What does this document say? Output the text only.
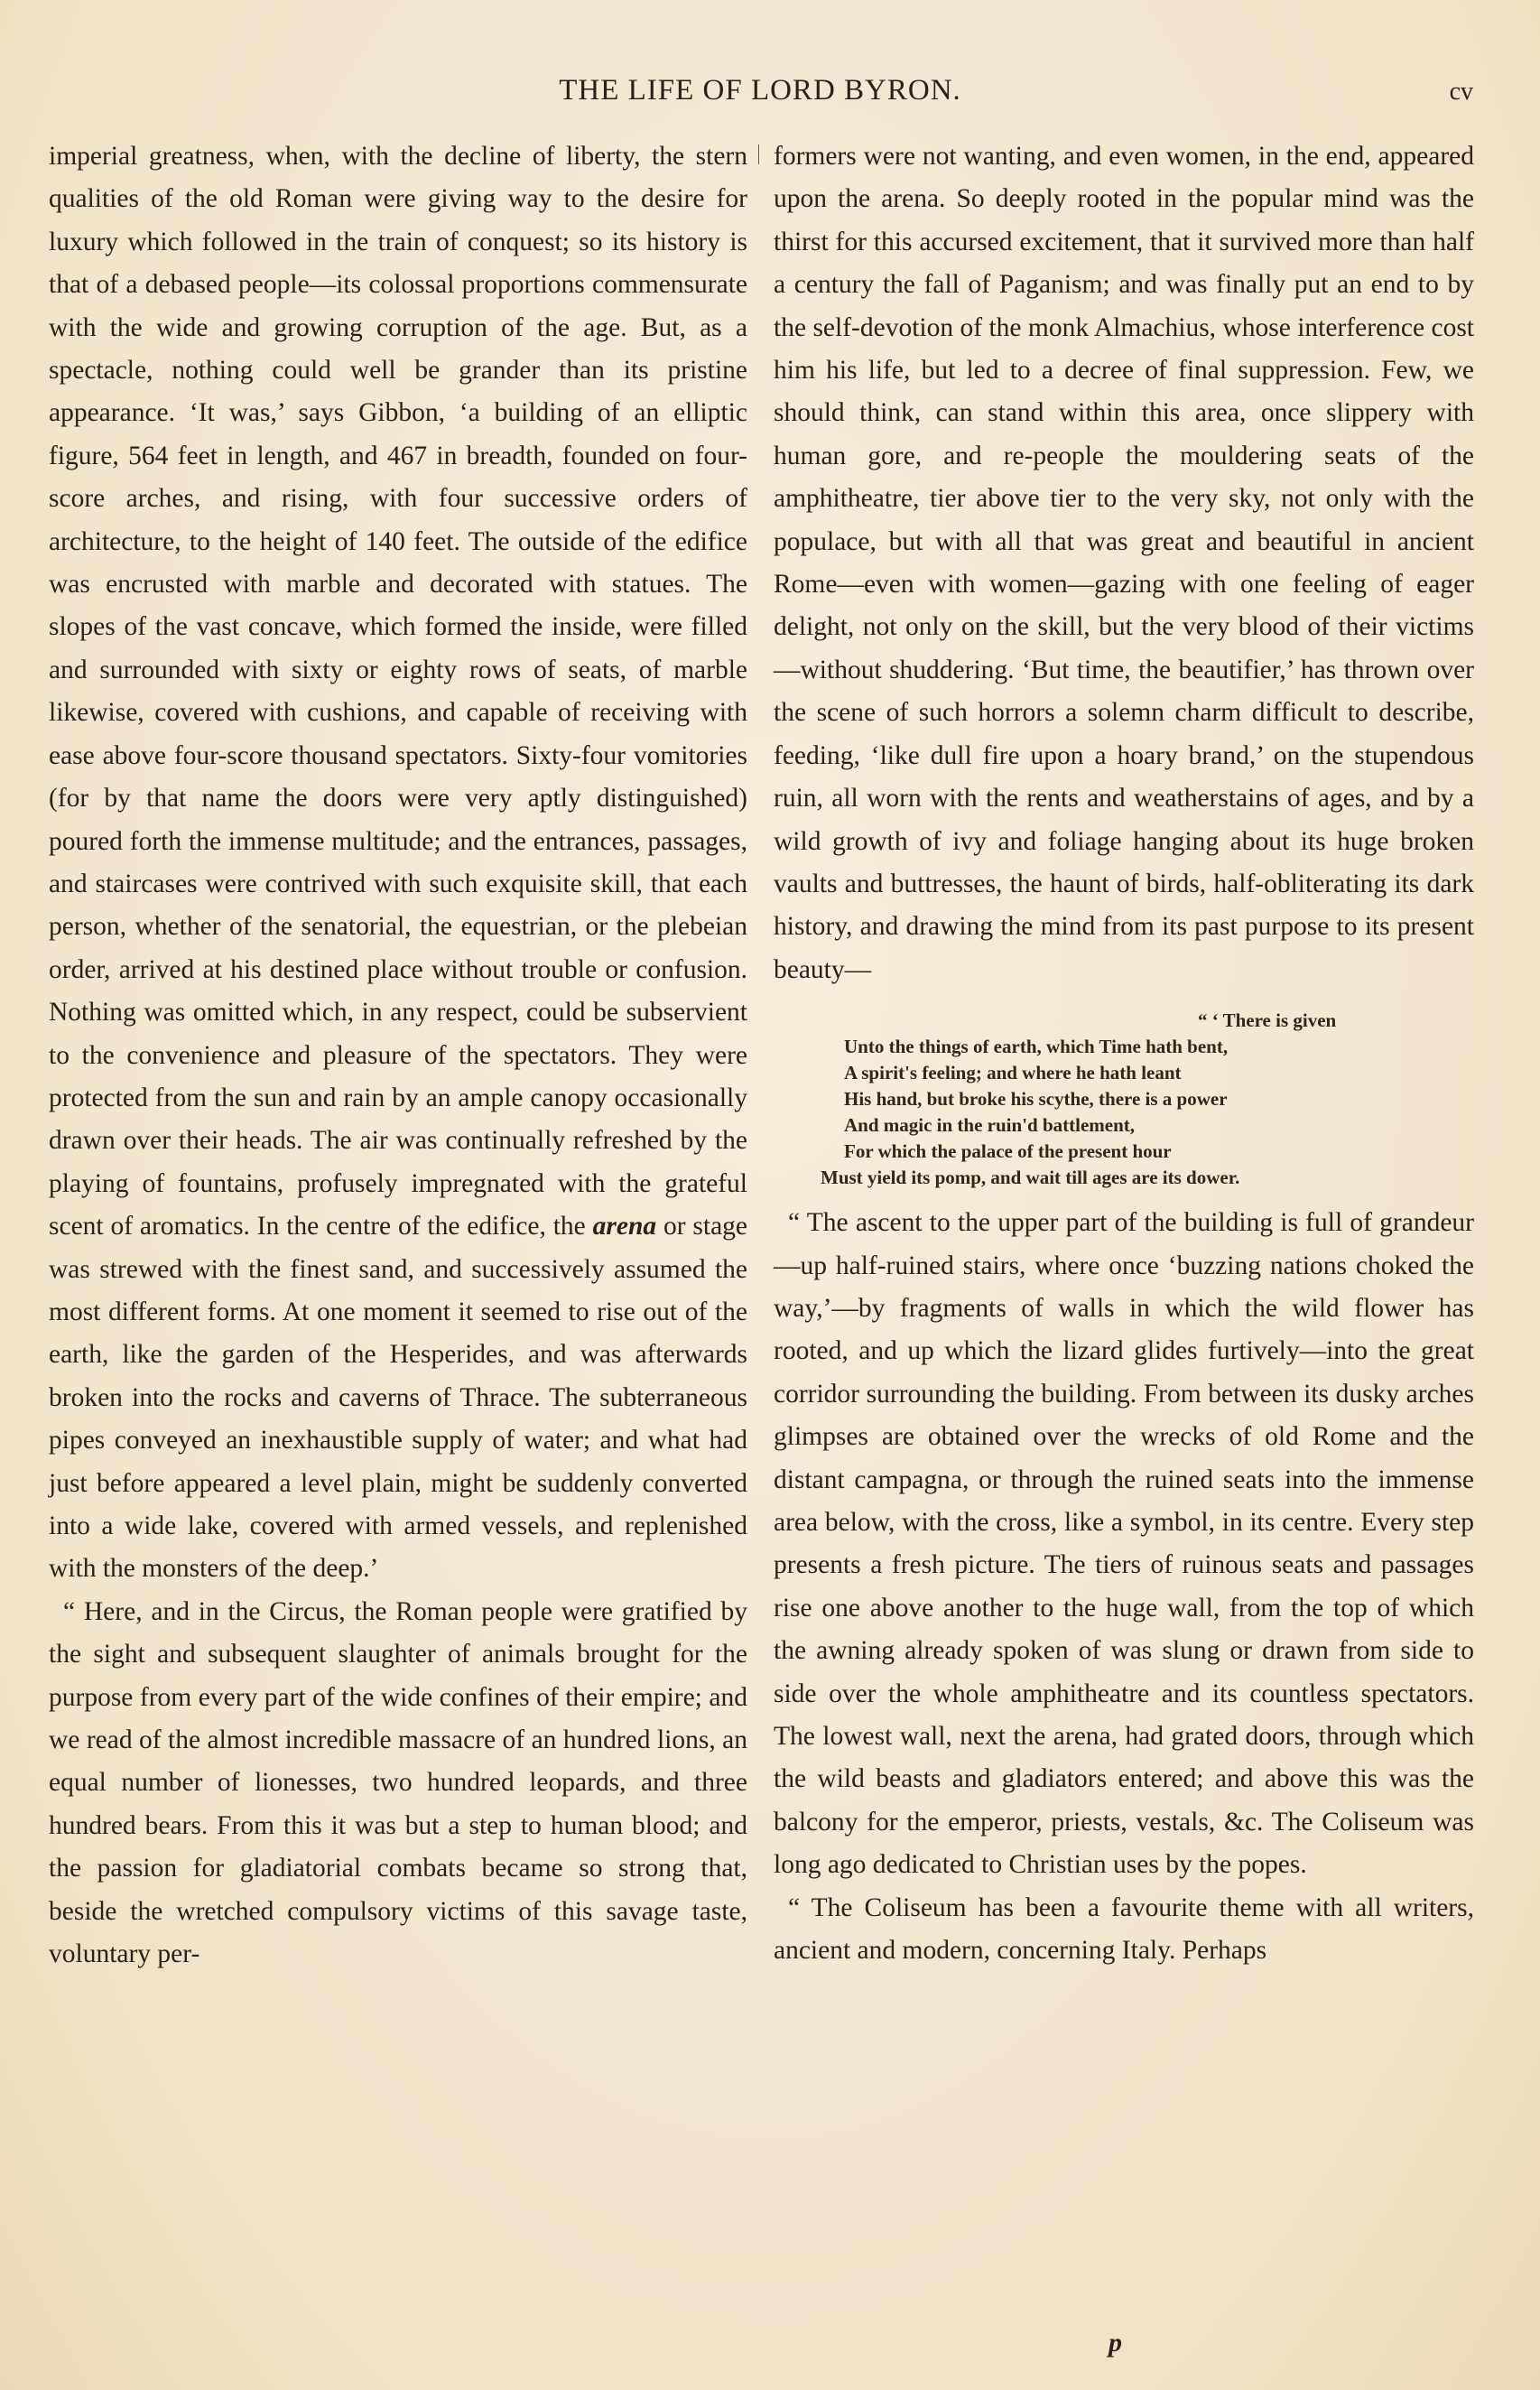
THE LIFE OF LORD BYRON.	cv

imperial greatness, when, with the decline of liberty, the stern qualities of the old Roman were giving way to the desire for luxury which followed in the train of conquest; so its history is that of a debased people—its colossal proportions commensurate with the wide and growing corruption of the age. But, as a spectacle, nothing could well be grander than its pristine appearance. ‘It was,’ says Gibbon, ‘a building of an elliptic figure, 564 feet in length, and 467 in breadth, founded on four-score arches, and rising, with four successive orders of architecture, to the height of 140 feet. The outside of the edifice was encrusted with marble and decorated with statues. The slopes of the vast concave, which formed the inside, were filled and surrounded with sixty or eighty rows of seats, of marble likewise, covered with cushions, and capable of receiving with ease above four-score thousand spectators. Sixty-four vomitories (for by that name the doors were very aptly distinguished) poured forth the immense multitude; and the entrances, passages, and staircases were contrived with such exquisite skill, that each person, whether of the senatorial, the equestrian, or the plebeian order, arrived at his destined place without trouble or confusion. Nothing was omitted which, in any respect, could be subservient to the convenience and pleasure of the spectators. They were protected from the sun and rain by an ample canopy occasionally drawn over their heads. The air was continually refreshed by the playing of fountains, profusely impregnated with the grateful scent of aromatics. In the centre of the edifice, the arena or stage was strewed with the finest sand, and successively assumed the most different forms. At one moment it seemed to rise out of the earth, like the garden of the Hesperides, and was afterwards broken into the rocks and caverns of Thrace. The subterraneous pipes conveyed an inexhaustible supply of water; and what had just before appeared a level plain, might be suddenly converted into a wide lake, covered with armed vessels, and replenished with the monsters of the deep.’

“ Here, and in the Circus, the Roman people were gratified by the sight and subsequent slaughter of animals brought for the purpose from every part of the wide confines of their empire; and we read of the almost incredible massacre of an hundred lions, an equal number of lionesses, two hundred leopards, and three hundred bears. From this it was but a step to human blood; and the passion for gladiatorial combats became so strong that, beside the wretched compulsory victims of this savage taste, voluntary per-

formers were not wanting, and even women, in the end, appeared upon the arena. So deeply rooted in the popular mind was the thirst for this accursed excitement, that it survived more than half a century the fall of Paganism; and was finally put an end to by the self-devotion of the monk Almachius, whose interference cost him his life, but led to a decree of final suppression. Few, we should think, can stand within this area, once slippery with human gore, and re-people the mouldering seats of the amphitheatre, tier above tier to the very sky, not only with the populace, but with all that was great and beautiful in ancient Rome—even with women—gazing with one feeling of eager delight, not only on the skill, but the very blood of their victims—without shuddering. ‘But time, the beautifier,’ has thrown over the scene of such horrors a solemn charm difficult to describe, feeding, ‘like dull fire upon a hoary brand,’ on the stupendous ruin, all worn with the rents and weatherstains of ages, and by a wild growth of ivy and foliage hanging about its huge broken vaults and buttresses, the haunt of birds, half-obliterating its dark history, and drawing the mind from its past purpose to its present beauty—

“ ‘ There is given
Unto the things of earth, which Time hath bent,
A spirit's feeling; and where he hath leant
His hand, but broke his scythe, there is a power
And magic in the ruin'd battlement,
For which the palace of the present hour
Must yield its pomp, and wait till ages are its dower.

“ The ascent to the upper part of the building is full of grandeur—up half-ruined stairs, where once ‘buzzing nations choked the way,’—by fragments of walls in which the wild flower has rooted, and up which the lizard glides furtively—into the great corridor surrounding the building. From between its dusky arches glimpses are obtained over the wrecks of old Rome and the distant campagna, or through the ruined seats into the immense area below, with the cross, like a symbol, in its centre. Every step presents a fresh picture. The tiers of ruinous seats and passages rise one above another to the huge wall, from the top of which the awning already spoken of was slung or drawn from side to side over the whole amphitheatre and its countless spectators. The lowest wall, next the arena, had grated doors, through which the wild beasts and gladiators entered; and above this was the balcony for the emperor, priests, vestals, &c. The Coliseum was long ago dedicated to Christian uses by the popes.

“ The Coliseum has been a favourite theme with all writers, ancient and modern, concerning Italy. Perhaps

p
